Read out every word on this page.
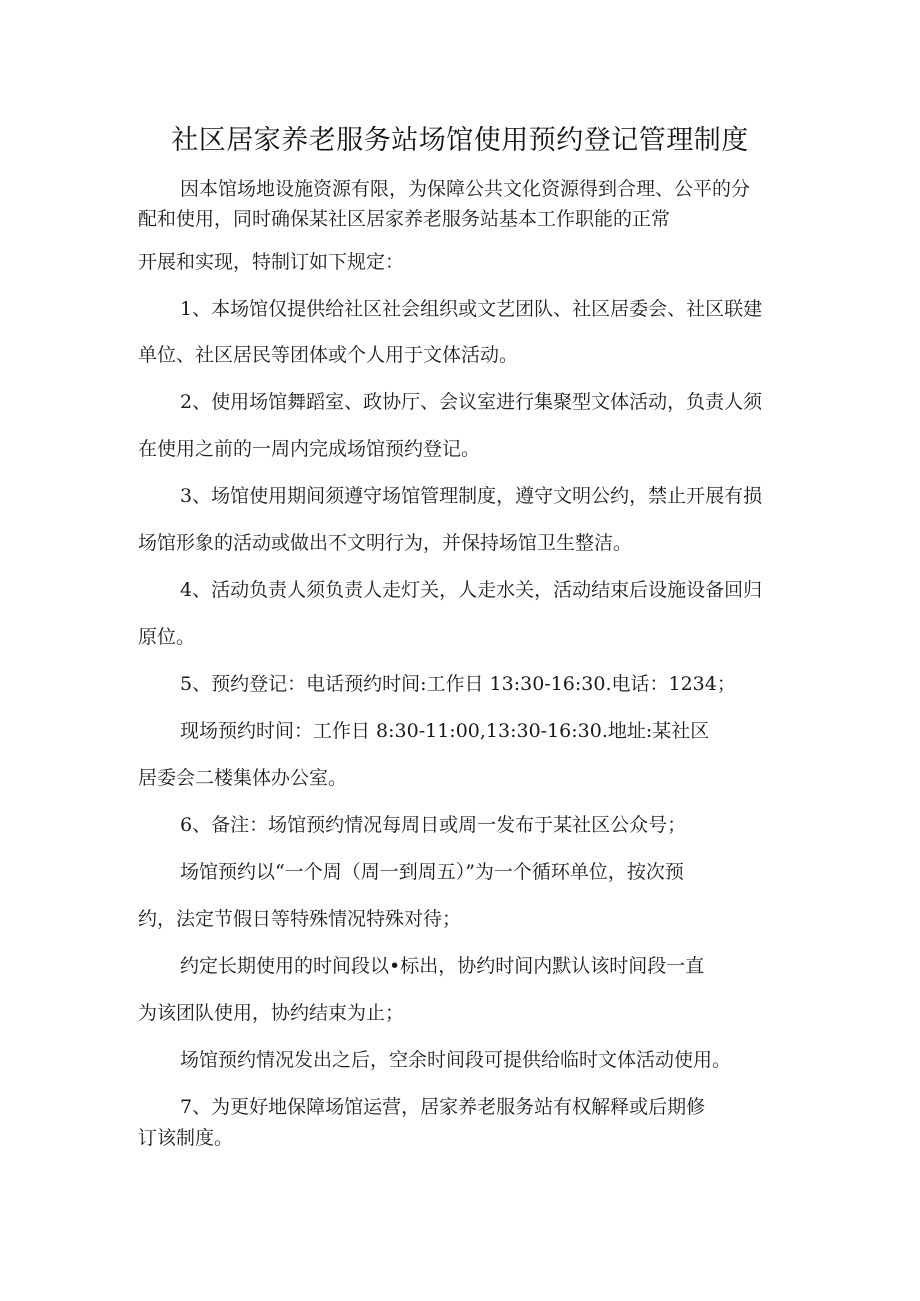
社区居家养老服务站场馆使用预约登记管理制度
因本馆场地设施资源有限，为保障公共文化资源得到合理、公平的分
配和使用，同时确保某社区居家养老服务站基本工作职能的正常
开展和实现，特制订如下规定：
1、本场馆仅提供给社区社会组织或文艺团队、社区居委会、社区联建
单位、社区居民等团体或个人用于文体活动。
2、使用场馆舞蹈室、政协厅、会议室进行集聚型文体活动，负责人须
在使用之前的一周内完成场馆预约登记。
3、场馆使用期间须遵守场馆管理制度，遵守文明公约，禁止开展有损
场馆形象的活动或做出不文明行为，并保持场馆卫生整洁。
4、活动负责人须负责人走灯关，人走水关，活动结束后设施设备回归
原位。
5、预约登记：电话预约时间:工作日 13:30-16:30.电话：1234；
现场预约时间：工作日 8:30-11:00,13:30-16:30.地址:某社区
居委会二楼集体办公室。
6、备注：场馆预约情况每周日或周一发布于某社区公众号；
场馆预约以“一个周（周一到周五）”为一个循环单位，按次预
约，法定节假日等特殊情况特殊对待；
约定长期使用的时间段以•标出，协约时间内默认该时间段一直
为该团队使用，协约结束为止；
场馆预约情况发出之后，空余时间段可提供给临时文体活动使用。
7、为更好地保障场馆运营，居家养老服务站有权解释或后期修
订该制度。
